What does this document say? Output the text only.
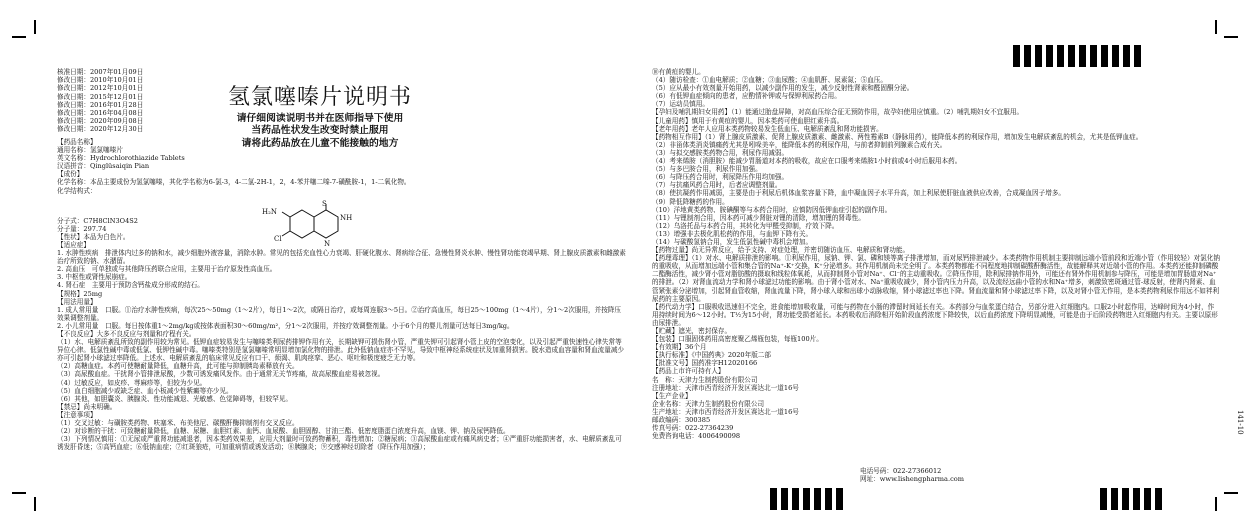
核准日期：2007年01月09日
修改日期：2010年10月01日
修改日期：2012年10月01日
修改日期：2015年12月01日
修改日期：2016年01月28日
修改日期：2016年04月08日
修改日期：2020年09月08日
修改日期：2020年12月30日
氢氯噻嗪片说明书
请仔细阅读说明书并在医师指导下使用
当药品性状发生改变时禁止服用
请将此药品放在儿童不能接触的地方
【药品名称】
通用名称：氢氯噻嗪片
英文名称：Hydrochlorothiazide Tablets
汉语拼音：Qinglüsaiqin Pian
【成份】
化学名称：本品主要成份为氢氯噻嗪，其化学名称为6-氯-3，4-二氢-2H-1，2，4-苯并噻二嗪-7-磺酰胺-1，1-二氧化物。
化学结构式：
分子式：C7H8ClN3O4S2
分子量：297.74
【性状】本品为白色片。
【适应症】
1. 水肿性疾病　排泄体内过多的钠和水，减少细胞外液容量，消除水肿。常见的包括充血性心力衰竭、肝硬化腹水、肾病综合征、急慢性肾炎水肿、慢性肾功能衰竭早期、肾上腺皮质激素和雌激素治疗所致的钠、水潴留。
2. 高血压　可单独或与其他降压药联合应用，主要用于治疗原发性高血压。
3. 中枢性或肾性尿崩症。
4. 肾石症　主要用于预防含钙盐成分形成的结石。
【规格】25mg
【用法用量】
1. 成人常用量　口服。①治疗水肿性疾病，每次25～50mg（1～2片），每日1～2次，或隔日治疗，或每周连服3～5日。②治疗高血压，每日25～100mg（1～4片），分1～2次服用，并按降压效果调整剂量。
2. 小儿常用量　口服。每日按体重1～2mg/kg或按体表面积30～60mg/m²，分1～2次服用，并按疗效调整剂量。小于6个月的婴儿剂量可达每日3mg/kg。
【不良反应】大多不良反应与剂量和疗程有关。
（1）水、电解质紊乱所致的副作用较为常见。低钾血症较易发生与噻嗪类利尿药排钾作用有关，长期缺钾可损伤肾小管，严重失钾可引起肾小管上皮的空泡变化，以及引起严重快速性心律失常等异位心律。低氯性碱中毒或低氯、低钾性碱中毒。噻嗪类特别是氢氯噻嗪常明显增加氯化物的排泄。此外低钠血症亦不罕见，导致中枢神经系统症状及加重肾损害。脱水造成血容量和肾血流量减少亦可引起肾小球滤过率降低。上述水、电解质紊乱的临床常见反应有口干、烦渴、肌肉痉挛、恶心、呕吐和极度疲乏无力等。
（2）高糖血症。本药可使糖耐量降低，血糖升高，此可能与抑制胰岛素释放有关。
（3）高尿酸血症。干扰肾小管排泄尿酸，少数可诱发痛风发作。由于通常无关节疼痛，故高尿酸血症易被忽视。
（4）过敏反应，如皮疹、荨麻疹等，但较为少见。
（5）血白细胞减少或缺乏症、血小板减少性紫癜等亦少见。
（6）其他，如胆囊炎、胰腺炎、性功能减退、光敏感、色觉障碍等，但较罕见。
【禁忌】尚未明确。
【注意事项】
（1）交叉过敏：与磺胺类药物、呋塞米、布美他尼、碳酸酐酶抑制剂有交叉反应。
（2）对诊断的干扰：可致糖耐量降低，血糖、尿糖、血胆红素、血钙、血尿酸、血胆固醇、甘油三酯、低密度脂蛋白浓度升高，血镁、钾、钠及尿钙降低。
（3）下列情况慎用：①无尿或严重肾功能减退者，因本类药效果差，应用大剂量时可致药物蓄积，毒性增加；②糖尿病；③高尿酸血症或有痛风病史者；④严重肝功能损害者，水、电解质紊乱可诱发肝昏迷；⑤高钙血症；⑥低钠血症；⑦红斑狼疮，可加重病情或诱发活动；⑧胰腺炎；⑨交感神经切除者（降压作用加强）；
H₂N
Cl
S
NH
N
⑩有黄疸的婴儿。
（4）随访检查：①血电解质；②血糖；③血尿酸；④血肌酐、尿素氮；⑤血压。
（5）应从最小有效剂量开始用药，以减少副作用的发生，减少反射性肾素和醛固酮分泌。
（6）有低钾血症倾向的患者，应酌情补钾或与保钾利尿药合用。
（7）运动员慎用。
【孕妇及哺乳期妇女用药】（1）能通过胎盘屏障，对高血压综合征无预防作用，故孕妇使用应慎重。（2）哺乳期妇女不宜服用。
【儿童用药】慎用于有黄疸的婴儿，因本类药可使血胆红素升高。
【老年用药】老年人应用本类药物较易发生低血压、电解质紊乱和肾功能损害。
【药物相互作用】（1）肾上腺皮质激素、促肾上腺皮质激素、雌激素、两性霉素B（静脉用药），能降低本药的利尿作用，增加发生电解质紊乱的机会，尤其是低钾血症。
（2）非甾体类消炎镇痛药尤其是吲哚美辛，能降低本药的利尿作用，与前者抑制前列腺素合成有关。
（3）与拟交感胺类药物合用，利尿作用减弱。
（4）考来烯胺（消胆胺）能减少胃肠道对本药的吸收，故应在口服考来烯胺1小时前或4小时后服用本药。
（5）与多巴胺合用，利尿作用加强。
（6）与降压药合用时，利尿降压作用均加强。
（7）与抗痛风药合用时，后者应调整剂量。
（8）使抗凝药作用减弱，主要是由于利尿后机体血浆容量下降，血中凝血因子水平升高，加上利尿使肝脏血液供应改善，合成凝血因子增多。
（9）降低降糖药的作用。
（10）洋地黄类药物、胺碘酮等与本药合用时，应慎防因低钾血症引起的副作用。
（11）与锂制剂合用，因本药可减少肾脏对锂的清除，增加锂的肾毒性。
（12）乌洛托品与本药合用，其转化为甲醛受抑制，疗效下降。
（13）增强非去极化肌松药的作用，与血钾下降有关。
（14）与碳酸氢钠合用，发生低氯性碱中毒机会增加。
【药物过量】尚无异常反应，给予支持、对症处理，并密切随访血压、电解质和肾功能。
【药理毒理】（1）对水、电解质排泄的影响。①利尿作用，尿钠、钾、氯、磷和镁等离子排泄增加，而对尿钙排泄减少。本类药物作用机制主要抑制远端小管前段和近端小管（作用较轻）对氯化钠的重吸收，从而增加远端小管和集合管的Na⁺-K⁺交换，K⁺分泌增多。其作用机制尚未完全明了。本类药物都能不同程度地抑制碳酸酐酶活性，故能解释其对近端小管的作用。本类药还能抑制磷酸二酯酶活性，减少肾小管对脂肪酸的摄取和线粒体氧耗，从而抑制肾小管对Na⁺、Cl⁻的主动重吸收。②降压作用，除利尿排钠作用外，可能还有肾外作用机制参与降压，可能是增加胃肠道对Na⁺的排泄。（2）对肾血流动力学和肾小球滤过功能的影响。由于肾小管对水、Na⁺重吸收减少，肾小管内压力升高，以及流经远曲小管的水和Na⁺增多，刺激致密斑通过管-球反射，使肾内肾素、血管紧张素分泌增加，引起肾血管收缩，肾血流量下降，肾小球入球和出球小动脉收缩，肾小球滤过率也下降。肾血流量和肾小球滤过率下降，以及对肾小管无作用，是本类药物利尿作用远不如袢利尿药的主要原因。
【药代动力学】口服吸收迅速但不完全，进食能增加吸收量，可能与药物在小肠的滞留时间延长有关。本药部分与血浆蛋白结合，另部分进入红细胞内。口服2小时起作用，达峰时间为4小时，作用持续时间为6～12小时。T½为15小时，肾功能受损者延长。本药吸收后消除相开始阶段血药浓度下降较快，以后血药浓度下降明显减慢，可能是由于后阶段药物进入红细胞内有关。主要以原形由尿排泄。
【贮藏】遮光，密封保存。
【包装】口服固体药用高密度聚乙烯瓶包装，每瓶100片。
【有效期】36个月
【执行标准】《中国药典》2020年版二部
【批准文号】国药准字H12020166
【药品上市许可持有人】
名　称：天津力生制药股份有限公司
注册地址：天津市西青经济开发区赛达北一道16号
【生产企业】
企业名称：天津力生制药股份有限公司
生产地址：天津市西青经济开发区赛达北一道16号
邮政编码：300385
传真号码：022-27364239
免费咨询电话：4006490098
电话号码：022-27366012
网址：www.lishengpharma.com
141-10
